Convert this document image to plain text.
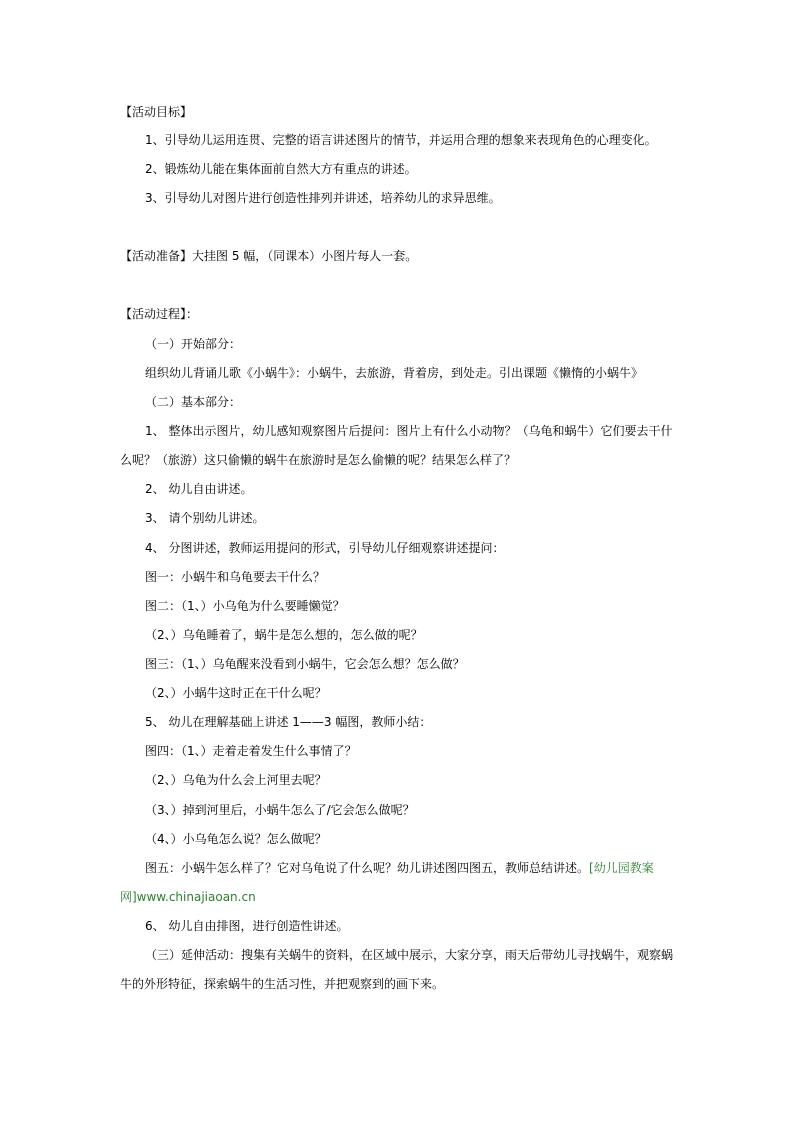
【活动目标】
1、引导幼儿运用连贯、完整的语言讲述图片的情节，并运用合理的想象来表现角色的心理变化。
2、锻炼幼儿能在集体面前自然大方有重点的讲述。
3、引导幼儿对图片进行创造性排列并讲述，培养幼儿的求异思维。
【活动准备】大挂图 5 幅，（同课本）小图片每人一套。
【活动过程】：
（一）开始部分：
组织幼儿背诵儿歌《小蜗牛》：小蜗牛，去旅游，背着房，到处走。引出课题《懒惰的小蜗牛》
（二）基本部分：
1、 整体出示图片，幼儿感知观察图片后提问：图片上有什么小动物？（乌龟和蜗牛）它们要去干什
么呢？（旅游）这只偷懒的蜗牛在旅游时是怎么偷懒的呢？结果怎么样了？
2、 幼儿自由讲述。
3、 请个别幼儿讲述。
4、 分图讲述，教师运用提问的形式，引导幼儿仔细观察讲述提问：
图一：小蜗牛和乌龟要去干什么？
图二：（1、）小乌龟为什么要睡懒觉？
（2、）乌龟睡着了，蜗牛是怎么想的，怎么做的呢？
图三：（1、）乌龟醒来没看到小蜗牛，它会怎么想？怎么做？
（2、）小蜗牛这时正在干什么呢？
5、 幼儿在理解基础上讲述 1——3 幅图，教师小结：
图四：（1、）走着走着发生什么事情了？
（2、）乌龟为什么会上河里去呢？
（3、）掉到河里后，小蜗牛怎么了/它会怎么做呢？
（4、）小乌龟怎么说？怎么做呢？
图五：小蜗牛怎么样了？它对乌龟说了什么呢？幼儿讲述图四图五，教师总结讲述。[幼儿园教案
网]www.chinajiaoan.cn
6、 幼儿自由排图，进行创造性讲述。
（三）延伸活动：搜集有关蜗牛的资料，在区域中展示，大家分享，雨天后带幼儿寻找蜗牛，观察蜗
牛的外形特征，探索蜗牛的生活习性，并把观察到的画下来。
